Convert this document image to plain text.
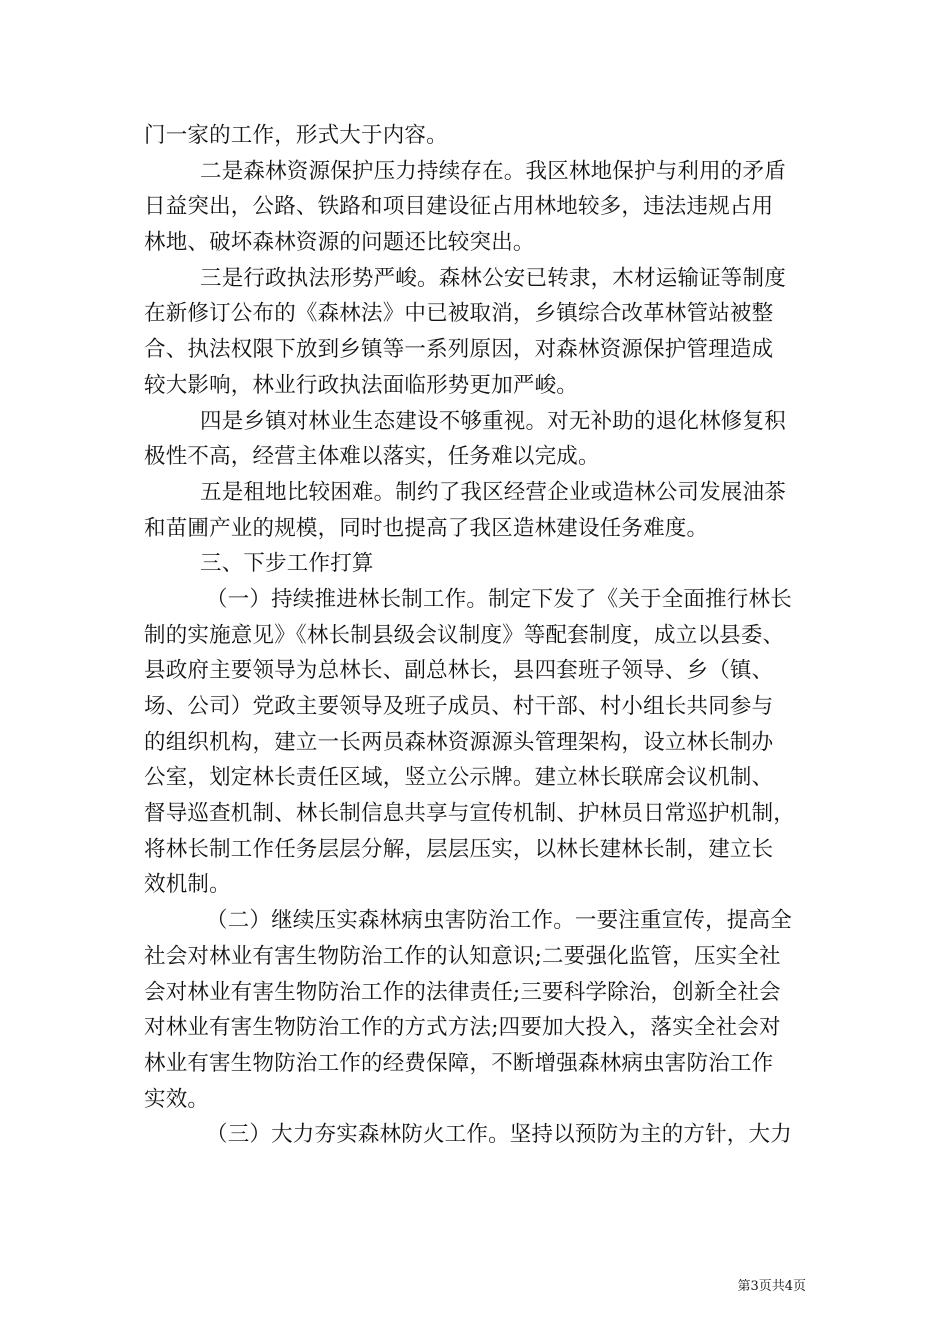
门一家的工作，形式大于内容。
二是森林资源保护压力持续存在。我区林地保护与利用的矛盾
日益突出，公路、铁路和项目建设征占用林地较多，违法违规占用
林地、破坏森林资源的问题还比较突出。
三是行政执法形势严峻。森林公安已转隶，木材运输证等制度
在新修订公布的《森林法》中已被取消，乡镇综合改革林管站被整
合、执法权限下放到乡镇等一系列原因，对森林资源保护管理造成
较大影响，林业行政执法面临形势更加严峻。
四是乡镇对林业生态建设不够重视。对无补助的退化林修复积
极性不高，经营主体难以落实，任务难以完成。
五是租地比较困难。制约了我区经营企业或造林公司发展油茶
和苗圃产业的规模，同时也提高了我区造林建设任务难度。
三、下步工作打算
（一）持续推进林长制工作。制定下发了《关于全面推行林长
制的实施意见》《林长制县级会议制度》等配套制度，成立以县委、
县政府主要领导为总林长、副总林长，县四套班子领导、乡（镇、
场、公司）党政主要领导及班子成员、村干部、村小组长共同参与
的组织机构，建立一长两员森林资源源头管理架构，设立林长制办
公室，划定林长责任区域，竖立公示牌。建立林长联席会议机制、
督导巡查机制、林长制信息共享与宣传机制、护林员日常巡护机制，
将林长制工作任务层层分解，层层压实，以林长建林长制，建立长
效机制。
（二）继续压实森林病虫害防治工作。一要注重宣传，提高全
社会对林业有害生物防治工作的认知意识;二要强化监管，压实全社
会对林业有害生物防治工作的法律责任;三要科学除治，创新全社会
对林业有害生物防治工作的方式方法;四要加大投入，落实全社会对
林业有害生物防治工作的经费保障，不断增强森林病虫害防治工作
实效。
（三）大力夯实森林防火工作。坚持以预防为主的方针，大力
第3页共4页
